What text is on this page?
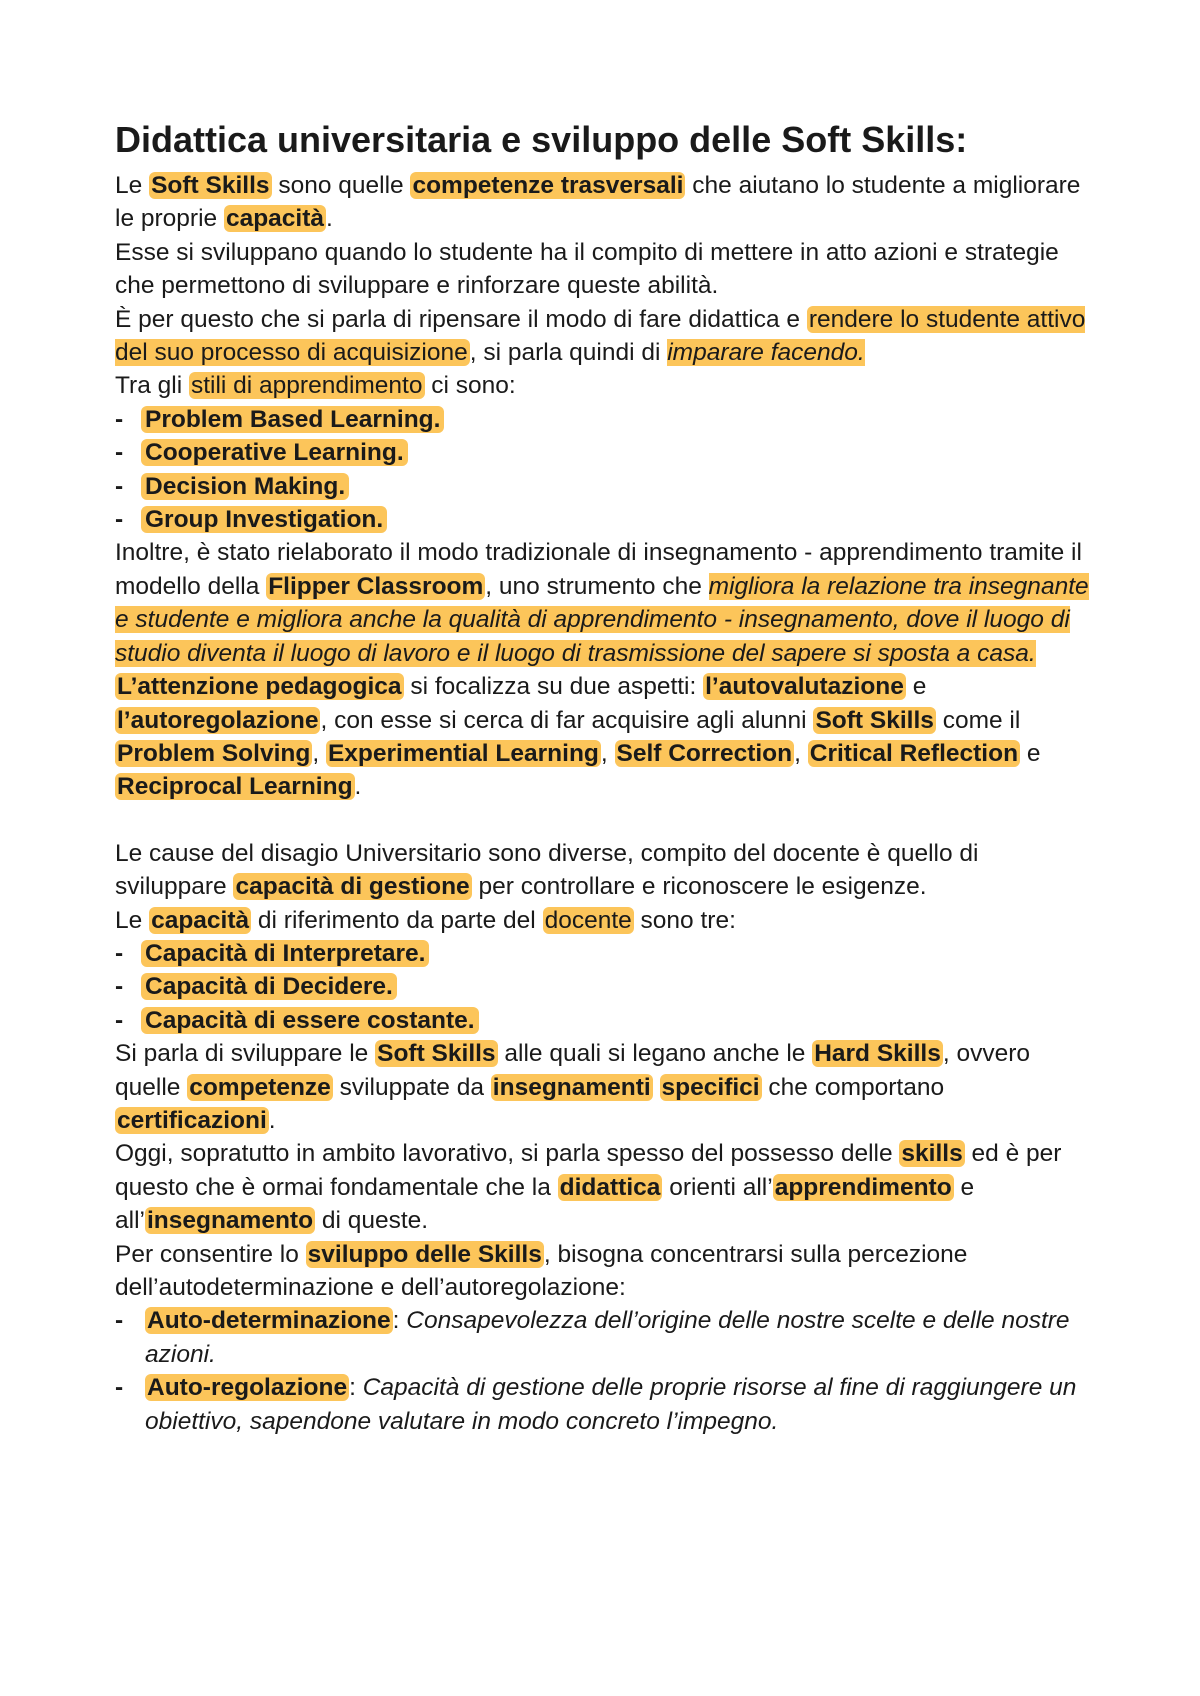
Didattica universitaria e sviluppo delle Soft Skills:

Le Soft Skills sono quelle competenze trasversali che aiutano lo studente a migliorare le proprie capacità.

Esse si sviluppano quando lo studente ha il compito di mettere in atto azioni e strategie che permettono di sviluppare e rinforzare queste abilità.

È per questo che si parla di ripensare il modo di fare didattica e rendere lo studente attivo del suo processo di acquisizione, si parla quindi di imparare facendo.

Tra gli stili di apprendimento ci sono:

- Problem Based Learning.
- Cooperative Learning.
- Decision Making.
- Group Investigation.

Inoltre, è stato rielaborato il modo tradizionale di insegnamento - apprendimento tramite il modello della Flipper Classroom, uno strumento che migliora la relazione tra insegnante e studente e migliora anche la qualità di apprendimento - insegnamento, dove il luogo di studio diventa il luogo di lavoro e il luogo di trasmissione del sapere si sposta a casa.

L’attenzione pedagogica si focalizza su due aspetti: l’autovalutazione e l’autoregolazione, con esse si cerca di far acquisire agli alunni Soft Skills come il Problem Solving, Experimential Learning, Self Correction, Critical Reflection e Reciprocal Learning.

Le cause del disagio Universitario sono diverse, compito del docente è quello di sviluppare capacità di gestione per controllare e riconoscere le esigenze.

Le capacità di riferimento da parte del docente sono tre:

- Capacità di Interpretare.
- Capacità di Decidere.
- Capacità di essere costante.

Si parla di sviluppare le Soft Skills alle quali si legano anche le Hard Skills, ovvero quelle competenze sviluppate da insegnamenti specifici che comportano certificazioni.

Oggi, sopratutto in ambito lavorativo, si parla spesso del possesso delle skills ed è per questo che è ormai fondamentale che la didattica orienti all’apprendimento e all’insegnamento di queste.

Per consentire lo sviluppo delle Skills, bisogna concentrarsi sulla percezione dell’autodeterminazione e dell’autoregolazione:

- Auto-determinazione: Consapevolezza dell’origine delle nostre scelte e delle nostre azioni.
- Auto-regolazione: Capacità di gestione delle proprie risorse al fine di raggiungere un obiettivo, sapendone valutare in modo concreto l’impegno.
